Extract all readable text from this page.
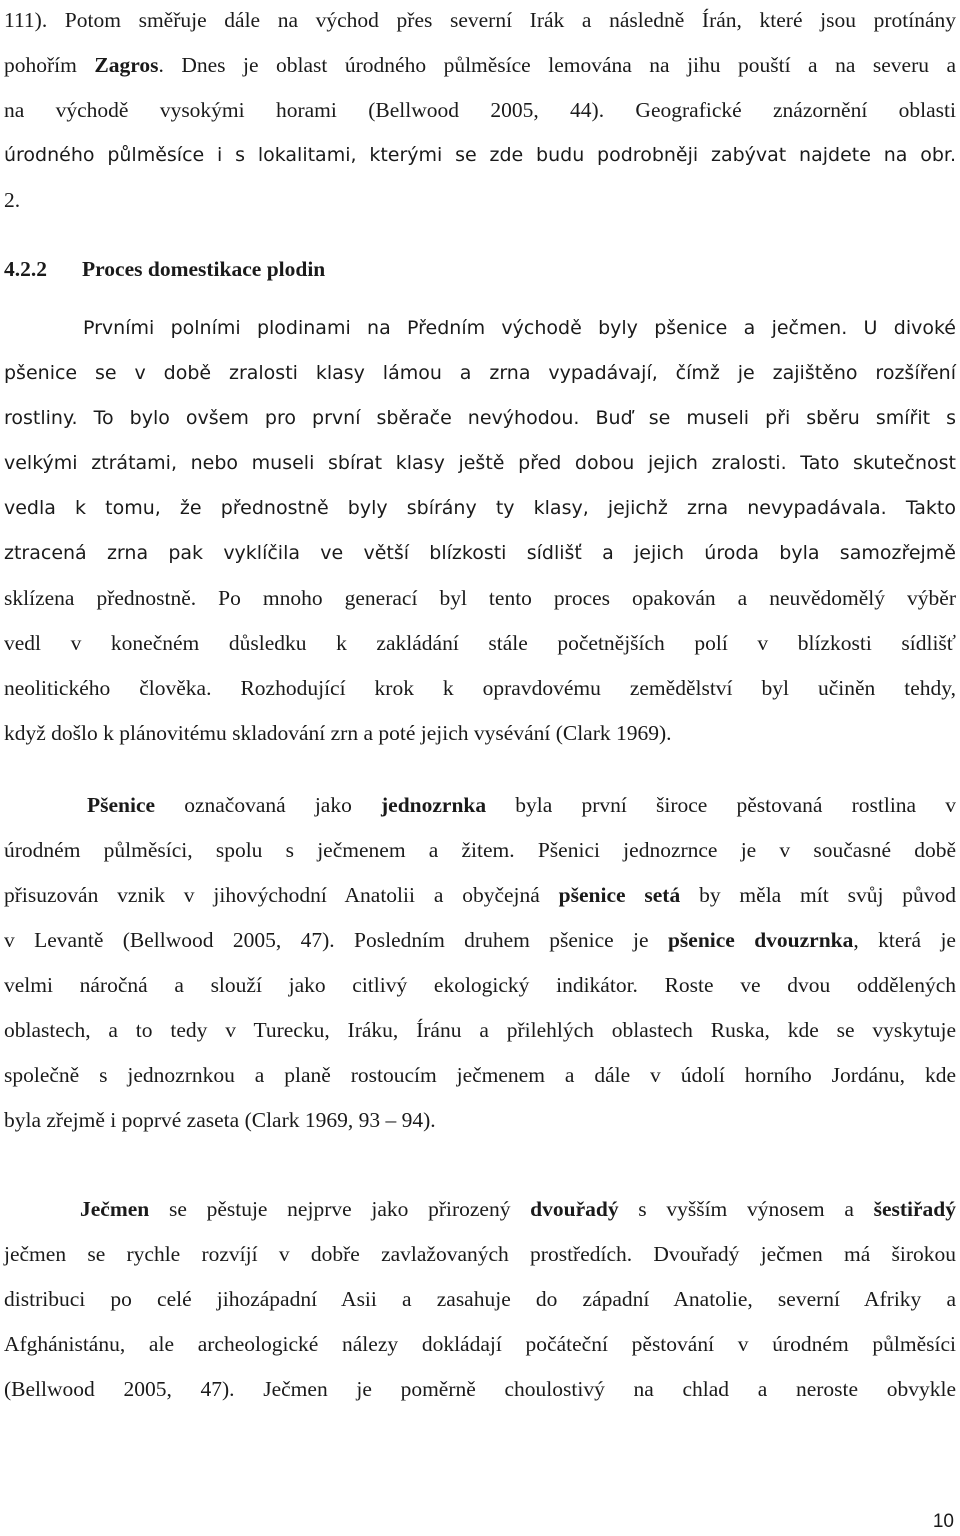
111). Potom směřuje dále na východ přes severní Irák a následně Írán, které jsou protínány
pohořím Zagros. Dnes je oblast úrodného půlměsíce lemována na jihu pouští a na severu a
na východě vysokými horami (Bellwood 2005, 44). Geografické znázornění oblasti
úrodného půlměsíce i s lokalitami, kterými se zde budu podrobněji zabývat najdete na obr.
2.
4.2.2 Proces domestikace plodin
Prvními polními plodinami na Předním východě byly pšenice a ječmen. U divoké
pšenice se v době zralosti klasy lámou a zrna vypadávají, čímž je zajištěno rozšíření
rostliny. To bylo ovšem pro první sběrače nevýhodou. Buď se museli při sběru smířit s
velkými ztrátami, nebo museli sbírat klasy ještě před dobou jejich zralosti. Tato skutečnost
vedla k tomu, že přednostně byly sbírány ty klasy, jejichž zrna nevypadávala. Takto
ztracená zrna pak vyklíčila ve větší blízkosti sídlišť a jejich úroda byla samozřejmě
sklízena přednostně. Po mnoho generací byl tento proces opakován a neuvědomělý výběr
vedl v konečném důsledku k zakládání stále početnějších polí v blízkosti sídlišť
neolitického člověka. Rozhodující krok k opravdovému zemědělství byl učiněn tehdy,
když došlo k plánovitému skladování zrn a poté jejich vysévání (Clark 1969).
Pšenice označovaná jako jednozrnka byla první široce pěstovaná rostlina v
úrodném půlměsíci, spolu s ječmenem a žitem. Pšenici jednozrnce je v současné době
přisuzován vznik v jihovýchodní Anatolii a obyčejná pšenice setá by měla mít svůj původ
v Levantě (Bellwood 2005, 47). Posledním druhem pšenice je pšenice dvouzrnka, která je
velmi náročná a slouží jako citlivý ekologický indikátor. Roste ve dvou oddělených
oblastech, a to tedy v Turecku, Iráku, Íránu a přilehlých oblastech Ruska, kde se vyskytuje
společně s jednozrnkou a planě rostoucím ječmenem a dále v údolí horního Jordánu, kde
byla zřejmě i poprvé zaseta (Clark 1969, 93 – 94).
Ječmen se pěstuje nejprve jako přirozený dvouřadý s vyšším výnosem a šestiřadý
ječmen se rychle rozvíjí v dobře zavlažovaných prostředích. Dvouřadý ječmen má širokou
distribuci po celé jihozápadní Asii a zasahuje do západní Anatolie, severní Afriky a
Afghánistánu, ale archeologické nálezy dokládají počáteční pěstování v úrodném půlměsíci
(Bellwood 2005, 47). Ječmen je poměrně choulostivý na chlad a neroste obvykle
10
